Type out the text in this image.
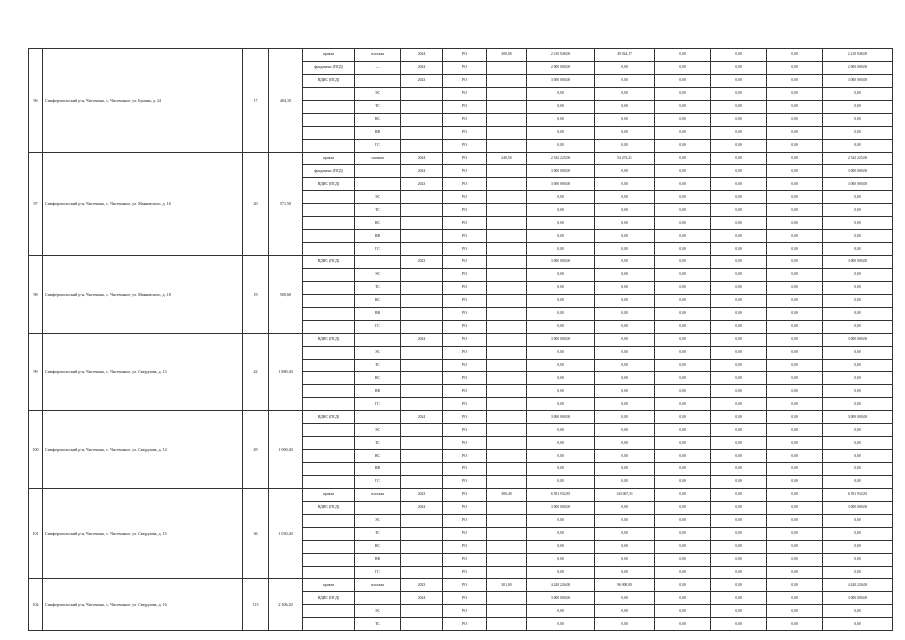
96	Симферопольский р-н, Чистенько, с. Чистенькое, ул. Бунина, д. 24	17	404,10	кровля	плоская	2024	РО	300,00	2 210 948,00	49 024,17	0,00	0,00	0,00	2 210 948,00
				фундамент (ПСД)	—	2024	РО		2 000 000,00	0,00	0,00	0,00	0,00	2 000 000,00
				ВДИС (ПСД)		2023	РО		3 000 000,00	0,00	0,00	0,00	0,00	3 000 000,00
					ЭС		РО		0,00	0,00	0,00	0,00	0,00	0,00
					ТС		РО		0,00	0,00	0,00	0,00	0,00	0,00
					ВС		РО		0,00	0,00	0,00	0,00	0,00	0,00
					ВВ		РО		0,00	0,00	0,00	0,00	0,00	0,00
					ГС		РО		0,00	0,00	0,00	0,00	0,00	0,00
97	Симферопольский р-н, Чистенько, с. Чистенькое, ул. Маяковского, д. 16	20	571,50	кровля	скатная	2024	РО	240,50	2 542 225,06	54 474,21	0,00	0,00	0,00	2 542 225,06
				фундамент (ПСД)		2024	РО		3 000 000,00	0,00	0,00	0,00	0,00	3 000 000,00
				ВДИС (ПСД)		2023	РО		3 000 000,00	0,00	0,00	0,00	0,00	3 000 000,00
					ЭС		РО		0,00	0,00	0,00	0,00	0,00	0,00
					ТС		РО		0,00	0,00	0,00	0,00	0,00	0,00
					ВС		РО		0,00	0,00	0,00	0,00	0,00	0,00
					ВВ		РО		0,00	0,00	0,00	0,00	0,00	0,00
					ГС		РО		0,00	0,00	0,00	0,00	0,00	0,00
98	Симферопольский р-н, Чистенько, с. Чистенькое, ул. Маяковского, д. 18	19	500,60	ВДИС (ПСД)		2023	РО		3 000 000,00	0,00	0,00	0,00	0,00	3 000 000,00
					ЭС		РО		0,00	0,00	0,00	0,00	0,00	0,00
					ТС		РО		0,00	0,00	0,00	0,00	0,00	0,00
					ВС		РО		0,00	0,00	0,00	0,00	0,00	0,00
					ВВ		РО		0,00	0,00	0,00	0,00	0,00	0,00
					ГС		РО		0,00	0,00	0,00	0,00	0,00	0,00
99	Симферопольский р-н, Чистенько, с. Чистенькое, ул. Свердлова, д. 13	42	1 880,40	ВДИС (ПСД)		2024	РО		3 000 000,00	0,00	0,00	0,00	0,00	3 000 000,00
					ЭС		РО		0,00	0,00	0,00	0,00	0,00	0,00
					ТС		РО		0,00	0,00	0,00	0,00	0,00	0,00
					ВС		РО		0,00	0,00	0,00	0,00	0,00	0,00
					ВВ		РО		0,00	0,00	0,00	0,00	0,00	0,00
					ГС		РО		0,00	0,00	0,00	0,00	0,00	0,00
100	Симферопольский р-н, Чистенько, с. Чистенькое, ул. Свердлова, д. 14	49	1 069,40	ВДИС (ПСД)		2024	РО		3 000 000,00	0,00	0,00	0,00	0,00	3 000 000,00
					ЭС		РО		0,00	0,00	0,00	0,00	0,00	0,00
					ТС		РО		0,00	0,00	0,00	0,00	0,00	0,00
					ВС		РО		0,00	0,00	0,00	0,00	0,00	0,00
					ВВ		РО		0,00	0,00	0,00	0,00	0,00	0,00
					ГС		РО		0,00	0,00	0,00	0,00	0,00	0,00
101	Симферопольский р-н, Чистенько, с. Чистенькое, ул. Свердлова, д. 15	36	1 030,40	кровля	плоская	2023	РО	380,40	6 591 932,85	143 067,31	0,00	0,00	0,00	6 591 932,85
				ВДИС (ПСД)		2024	РО		3 000 000,00	0,00	0,00	0,00	0,00	3 000 000,00
					ЭС		РО		0,00	0,00	0,00	0,00	0,00	0,00
					ТС		РО		0,00	0,00	0,00	0,00	0,00	0,00
					ВС		РО		0,00	0,00	0,00	0,00	0,00	0,00
					ВВ		РО		0,00	0,00	0,00	0,00	0,00	0,00
					ГС		РО		0,00	0,00	0,00	0,00	0,00	0,00
102	Симферопольский р-н, Чистенько, с. Чистенькое, ул. Свердлова, д. 16	115	2 306,20	кровля	плоская	2023	РО	301,00	4 420 226,00	96 000,00	0,00	0,00	0,00	4 420 226,00
				ВДИС (ПСД)		2024	РО		3 000 000,00	0,00	0,00	0,00	0,00	3 000 000,00
					ЭС		РО		0,00	0,00	0,00	0,00	0,00	0,00
					ТС		РО		0,00	0,00	0,00	0,00	0,00	0,00
